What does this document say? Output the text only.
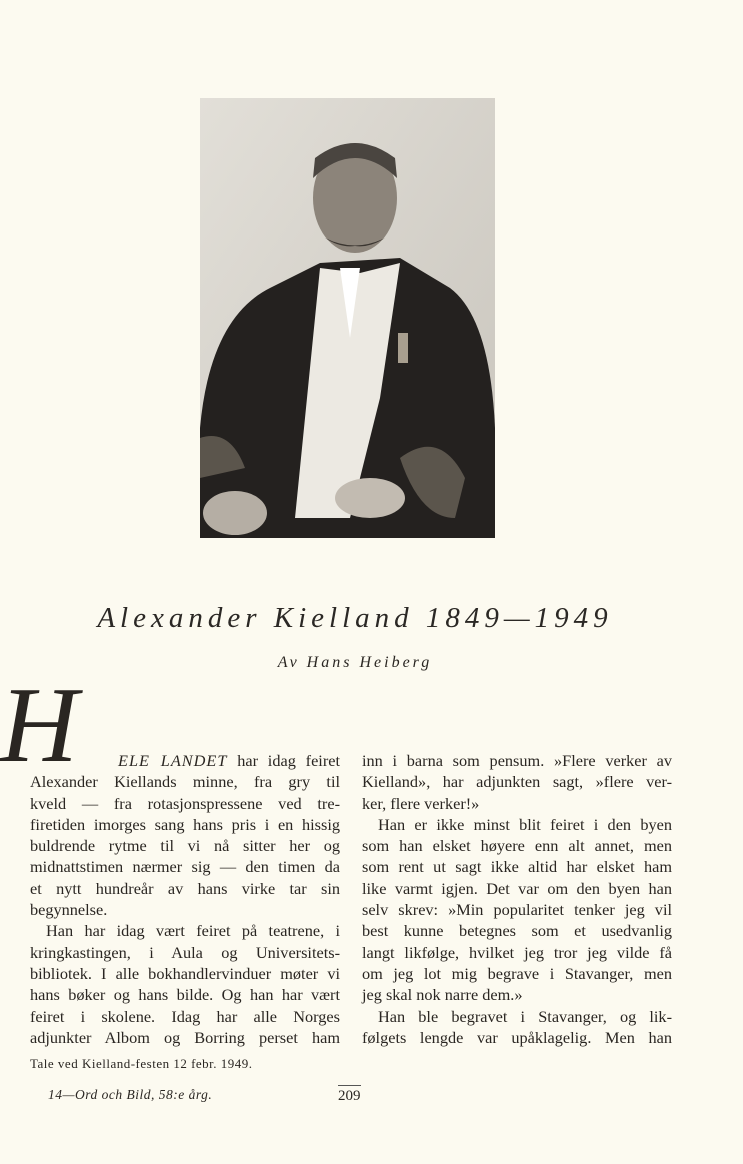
Alexander Kielland 1849—1949
Av Hans Heiberg
H	ELE LANDET har idag feiret
Alexander Kiellands minne, fra gry til
kveld — fra rotasjonspressene ved tre-
firetiden imorges sang hans pris i en hissig
buldrende rytme til vi nå sitter her og
midnattstimen nærmer sig — den timen da
et nytt hundreår av hans virke tar sin
begynnelse.
Han har idag vært feiret på teatrene, i
kringkastingen, i Aula og Universitets-
bibliotek. I alle bokhandlervinduer møter vi
hans bøker og hans bilde. Og han har vært
feiret i skolene. Idag har alle Norges
adjunkter Albom og Borring perset ham
inn i barna som pensum. »Flere verker av
Kielland», har adjunkten sagt, »flere ver-
ker, flere verker!»
Han er ikke minst blit feiret i den byen
som han elsket høyere enn alt annet, men
som rent ut sagt ikke altid har elsket ham
like varmt igjen. Det var om den byen han
selv skrev: »Min popularitet tenker jeg vil
best kunne betegnes som et usedvanlig
langt likfølge, hvilket jeg tror jeg vilde få
om jeg lot mig begrave i Stavanger, men
jeg skal nok narre dem.»
Han ble begravet i Stavanger, og lik-
følgets lengde var upåklagelig. Men han
Tale ved Kielland-festen 12 febr. 1949.
14—Ord och Bild, 58:e årg.	209
